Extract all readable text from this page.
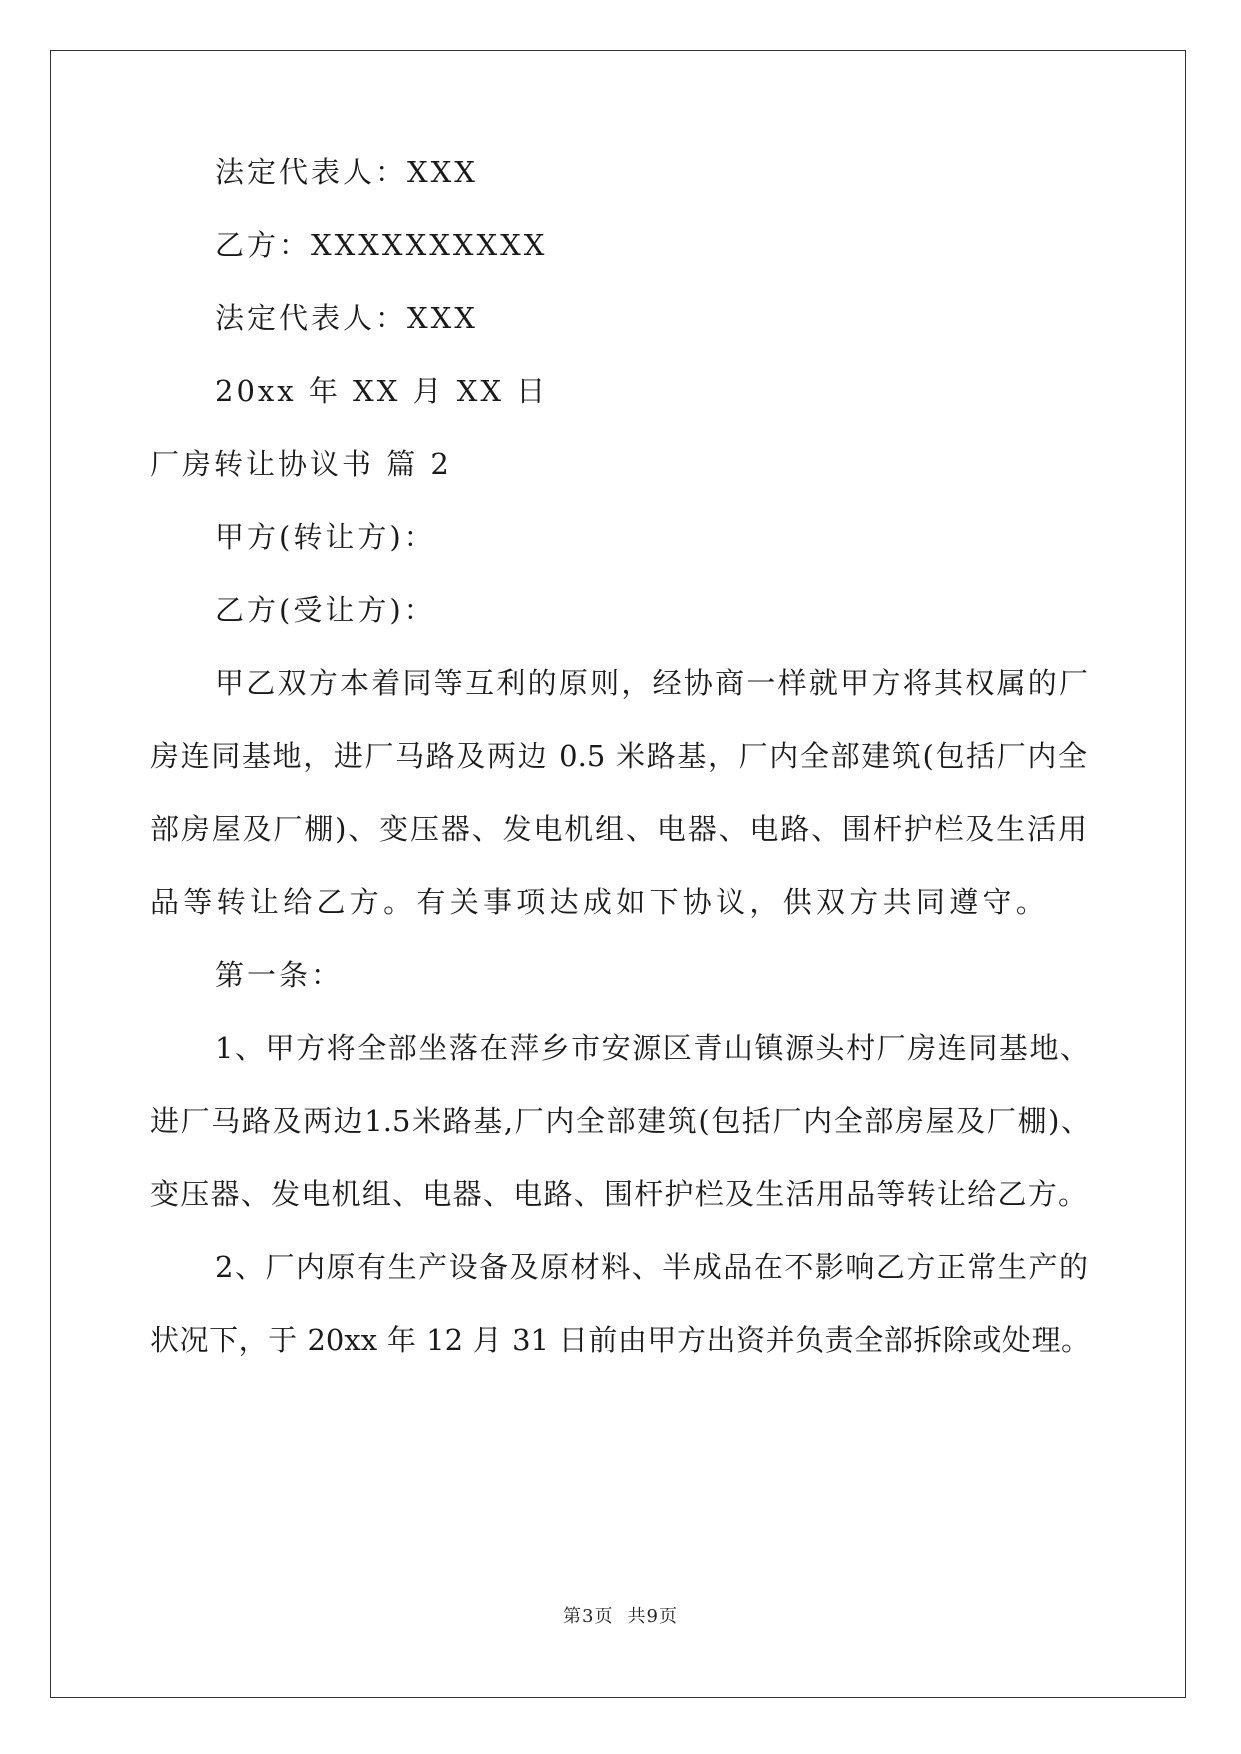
法定代表人：XXX
乙方：XXXXXXXXXX
法定代表人：XXX
20xx 年 XX 月 XX 日
厂房转让协议书 篇 2
甲方(转让方)：
乙方(受让方)：
甲乙双方本着同等互利的原则，经协商一样就甲方将其权属的厂
房连同基地，进厂马路及两边 0.5 米路基，厂内全部建筑(包括厂内全
部房屋及厂棚)、变压器、发电机组、电器、电路、围杆护栏及生活用
品等转让给乙方。有关事项达成如下协议，供双方共同遵守。
第一条：
1、甲方将全部坐落在萍乡市安源区青山镇源头村厂房连同基地、
进厂马路及两边1.5米路基,厂内全部建筑(包括厂内全部房屋及厂棚)、
变压器、发电机组、电器、电路、围杆护栏及生活用品等转让给乙方。
2、厂内原有生产设备及原材料、半成品在不影响乙方正常生产的
状况下，于 20xx 年 12 月 31 日前由甲方出资并负责全部拆除或处理。
第3页 共9页
